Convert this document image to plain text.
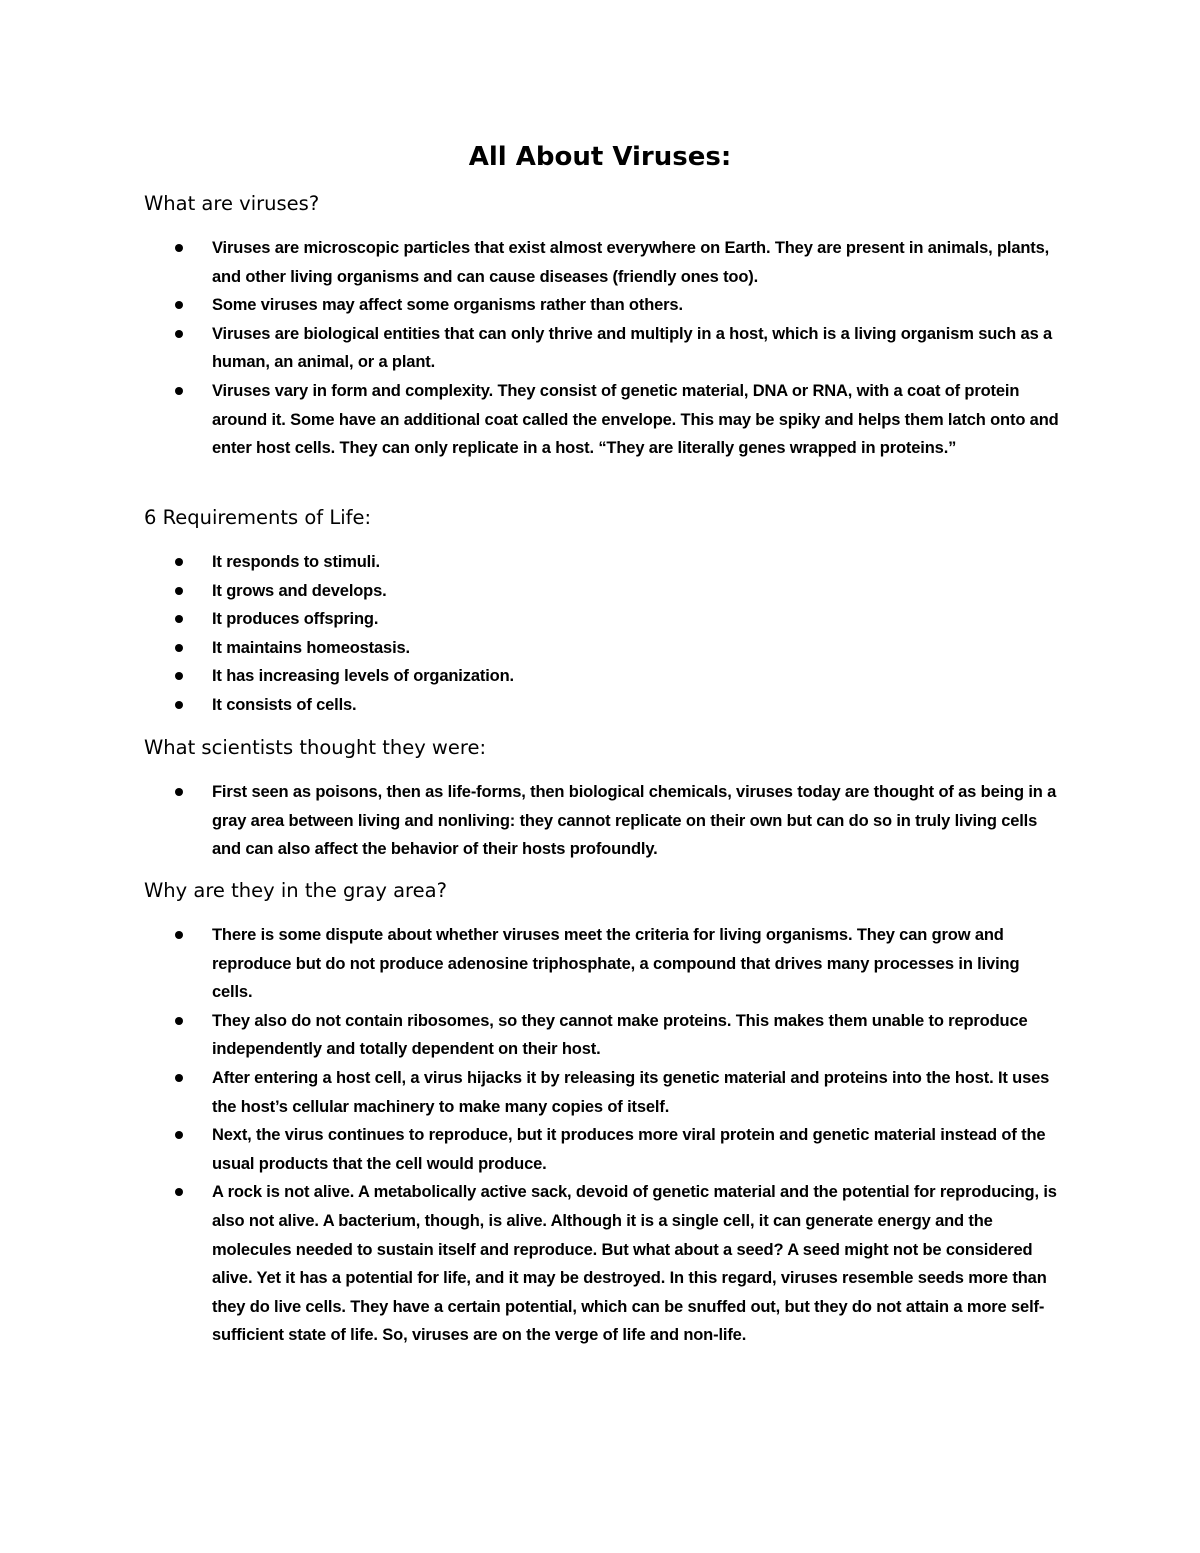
All About Viruses:
What are viruses?
Viruses are microscopic particles that exist almost everywhere on Earth. They are present in animals, plants, and other living organisms and can cause diseases (friendly ones too).
Some viruses may affect some organisms rather than others.
Viruses are biological entities that can only thrive and multiply in a host, which is a living organism such as a human, an animal, or a plant.
Viruses vary in form and complexity. They consist of genetic material, DNA or RNA, with a coat of protein around it. Some have an additional coat called the envelope. This may be spiky and helps them latch onto and enter host cells. They can only replicate in a host. “They are literally genes wrapped in proteins.”
6 Requirements of Life:
It responds to stimuli.
It grows and develops.
It produces offspring.
It maintains homeostasis.
It has increasing levels of organization.
It consists of cells.
What scientists thought they were:
First seen as poisons, then as life-forms, then biological chemicals, viruses today are thought of as being in a gray area between living and nonliving: they cannot replicate on their own but can do so in truly living cells and can also affect the behavior of their hosts profoundly.
Why are they in the gray area?
There is some dispute about whether viruses meet the criteria for living organisms. They can grow and reproduce but do not produce adenosine triphosphate, a compound that drives many processes in living cells.
They also do not contain ribosomes, so they cannot make proteins. This makes them unable to reproduce independently and totally dependent on their host.
After entering a host cell, a virus hijacks it by releasing its genetic material and proteins into the host. It uses the host’s cellular machinery to make many copies of itself.
Next, the virus continues to reproduce, but it produces more viral protein and genetic material instead of the usual products that the cell would produce.
A rock is not alive. A metabolically active sack, devoid of genetic material and the potential for reproducing, is also not alive. A bacterium, though, is alive. Although it is a single cell, it can generate energy and the molecules needed to sustain itself and reproduce. But what about a seed? A seed might not be considered alive. Yet it has a potential for life, and it may be destroyed. In this regard, viruses resemble seeds more than they do live cells. They have a certain potential, which can be snuffed out, but they do not attain a more self-sufficient state of life. So, viruses are on the verge of life and non-life.
